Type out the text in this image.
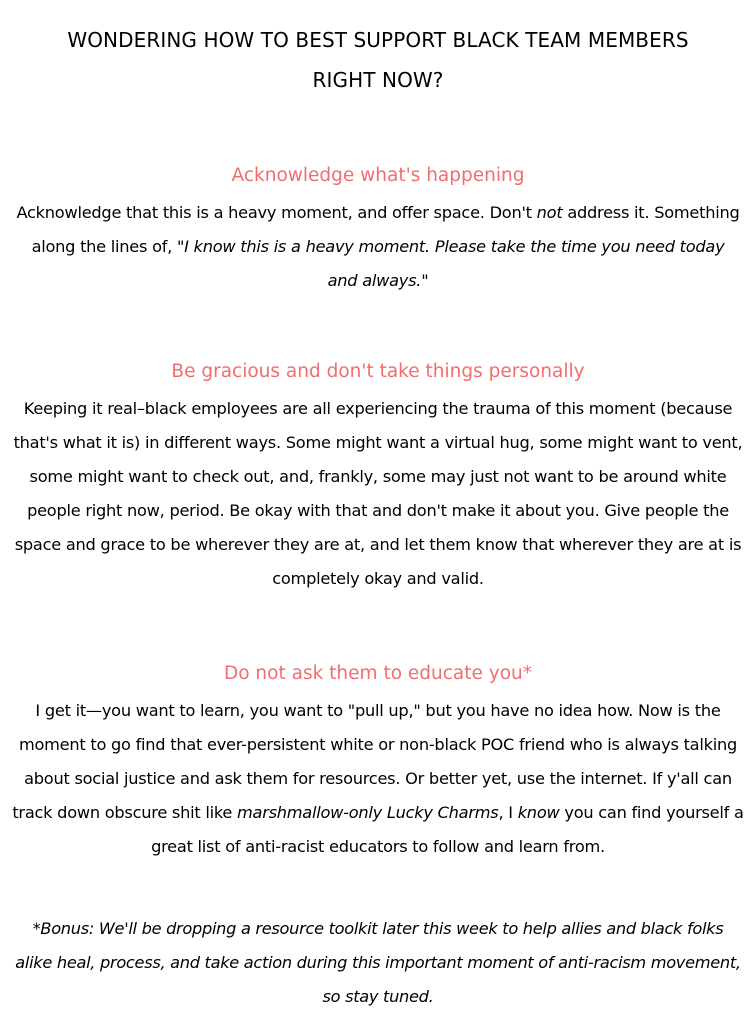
WONDERING HOW TO BEST SUPPORT BLACK TEAM MEMBERS
RIGHT NOW?
Acknowledge what's happening
Acknowledge that this is a heavy moment, and offer space. Don't not address it. Something along the lines of, "I know this is a heavy moment. Please take the time you need today and always."
Be gracious and don't take things personally
Keeping it real–black employees are all experiencing the trauma of this moment (because that's what it is) in different ways. Some might want a virtual hug, some might want to vent, some might want to check out, and, frankly, some may just not want to be around white people right now, period. Be okay with that and don't make it about you. Give people the space and grace to be wherever they are at, and let them know that wherever they are at is completely okay and valid.
Do not ask them to educate you*
I get it—you want to learn, you want to "pull up," but you have no idea how. Now is the moment to go find that ever-persistent white or non-black POC friend who is always talking about social justice and ask them for resources. Or better yet, use the internet. If y'all can track down obscure shit like marshmallow-only Lucky Charms, I know you can find yourself a great list of anti-racist educators to follow and learn from.
*Bonus: We'll be dropping a resource toolkit later this week to help allies and black folks alike heal, process, and take action during this important moment of anti-racism movement, so stay tuned.
